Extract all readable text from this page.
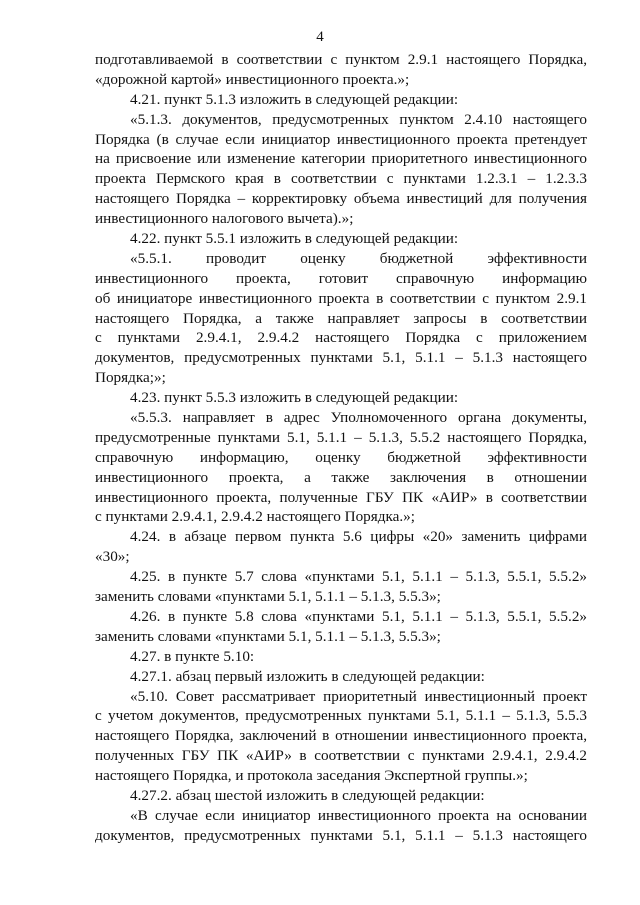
4
подготавливаемой в соответствии с пунктом 2.9.1 настоящего Порядка,
«дорожной картой» инвестиционного проекта.»;
4.21. пункт 5.1.3 изложить в следующей редакции:
«5.1.3. документов, предусмотренных пунктом 2.4.10 настоящего
Порядка (в случае если инициатор инвестиционного проекта претендует
на присвоение или изменение категории приоритетного инвестиционного
проекта Пермского края в соответствии с пунктами 1.2.3.1 – 1.2.3.3
настоящего Порядка – корректировку объема инвестиций для получения
инвестиционного налогового вычета).»;
4.22. пункт 5.5.1 изложить в следующей редакции:
«5.5.1. проводит оценку бюджетной эффективности
инвестиционного проекта, готовит справочную информацию
об инициаторе инвестиционного проекта в соответствии с пунктом 2.9.1
настоящего Порядка, а также направляет запросы в соответствии
с пунктами 2.9.4.1, 2.9.4.2 настоящего Порядка с приложением
документов, предусмотренных пунктами 5.1, 5.1.1 – 5.1.3 настоящего
Порядка;»;
4.23. пункт 5.5.3 изложить в следующей редакции:
«5.5.3. направляет в адрес Уполномоченного органа документы,
предусмотренные пунктами 5.1, 5.1.1 – 5.1.3, 5.5.2 настоящего Порядка,
справочную информацию, оценку бюджетной эффективности
инвестиционного проекта, а также заключения в отношении
инвестиционного проекта, полученные ГБУ ПК «АИР» в соответствии
с пунктами 2.9.4.1, 2.9.4.2 настоящего Порядка.»;
4.24. в абзаце первом пункта 5.6 цифры «20» заменить цифрами
«30»;
4.25. в пункте 5.7 слова «пунктами 5.1, 5.1.1 – 5.1.3, 5.5.1, 5.5.2»
заменить словами «пунктами 5.1, 5.1.1 – 5.1.3, 5.5.3»;
4.26. в пункте 5.8 слова «пунктами 5.1, 5.1.1 – 5.1.3, 5.5.1, 5.5.2»
заменить словами «пунктами 5.1, 5.1.1 – 5.1.3, 5.5.3»;
4.27. в пункте 5.10:
4.27.1. абзац первый изложить в следующей редакции:
«5.10. Совет рассматривает приоритетный инвестиционный проект
с учетом документов, предусмотренных пунктами 5.1, 5.1.1 – 5.1.3, 5.5.3
настоящего Порядка, заключений в отношении инвестиционного проекта,
полученных ГБУ ПК «АИР» в соответствии с пунктами 2.9.4.1, 2.9.4.2
настоящего Порядка, и протокола заседания Экспертной группы.»;
4.27.2. абзац шестой изложить в следующей редакции:
«В случае если инициатор инвестиционного проекта на основании
документов, предусмотренных пунктами 5.1, 5.1.1 – 5.1.3 настоящего
